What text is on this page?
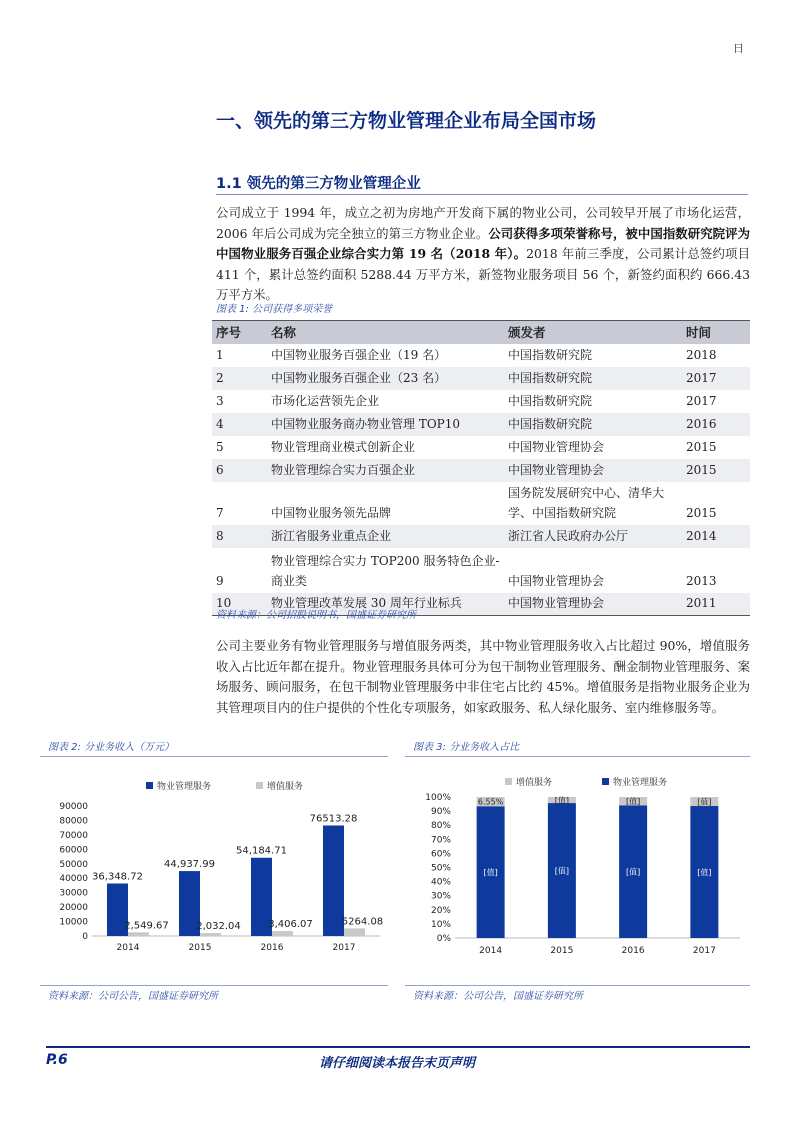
日
一、领先的第三方物业管理企业布局全国市场
1.1 领先的第三方物业管理企业
公司成立于 1994 年，成立之初为房地产开发商下属的物业公司，公司较早开展了市场化运营，2006 年后公司成为完全独立的第三方物业企业。公司获得多项荣誉称号，被中国指数研究院评为中国物业服务百强企业综合实力第 19 名（2018 年）。2018 年前三季度，公司累计总签约项目 411 个，累计总签约面积 5288.44 万平方米，新签物业服务项目 56 个，新签约面积约 666.43 万平方米。
图表 1: 公司获得多项荣誉
序号	名称	颁发者	时间
1	中国物业服务百强企业（19 名）	中国指数研究院	2018
2	中国物业服务百强企业（23 名）	中国指数研究院	2017
3	市场化运营领先企业	中国指数研究院	2017
4	中国物业服务商办物业管理 TOP10	中国指数研究院	2016
5	物业管理商业模式创新企业	中国物业管理协会	2015
6	物业管理综合实力百强企业	中国物业管理协会	2015
7	中国物业服务领先品牌	国务院发展研究中心、清华大学、中国指数研究院	2015
8	浙江省服务业重点企业	浙江省人民政府办公厅	2014
9	物业管理综合实力 TOP200 服务特色企业-商业类	中国物业管理协会	2013
10	物业管理改革发展 30 周年行业标兵	中国物业管理协会	2011
资料来源：公司招股说明书，国盛证券研究所
公司主要业务有物业管理服务与增值服务两类，其中物业管理服务收入占比超过 90%，增值服务收入占比近年都在提升。物业管理服务具体可分为包干制物业管理服务、酬金制物业管理服务、案场服务、顾问服务，在包干制物业管理服务中非住宅占比约 45%。增值服务是指物业服务企业为其管理项目内的住户提供的个性化专项服务，如家政服务、私人绿化服务、室内维修服务等。
图表 2: 分业务收入（万元）
物业管理服务	增值服务
0
10000
20000
30000
40000
50000
60000
70000
80000
90000
2014
36,348.72
2,549.67
2015
44,937.99
2,032.04
2016
54,184.71
3,406.07
2017
76513.28
5264.08
资料来源：公司公告，国盛证券研究所
图表 3: 分业务收入占比
增值服务	物业管理服务
0%
10%
20%
30%
40%
50%
60%
70%
80%
90%
100%
2014
[值]
6.55%
2015
[值]
[值]
2016
[值]
[值]
2017
[值]
[值]
资料来源：公司公告，国盛证券研究所
P.6	请仔细阅读本报告末页声明
